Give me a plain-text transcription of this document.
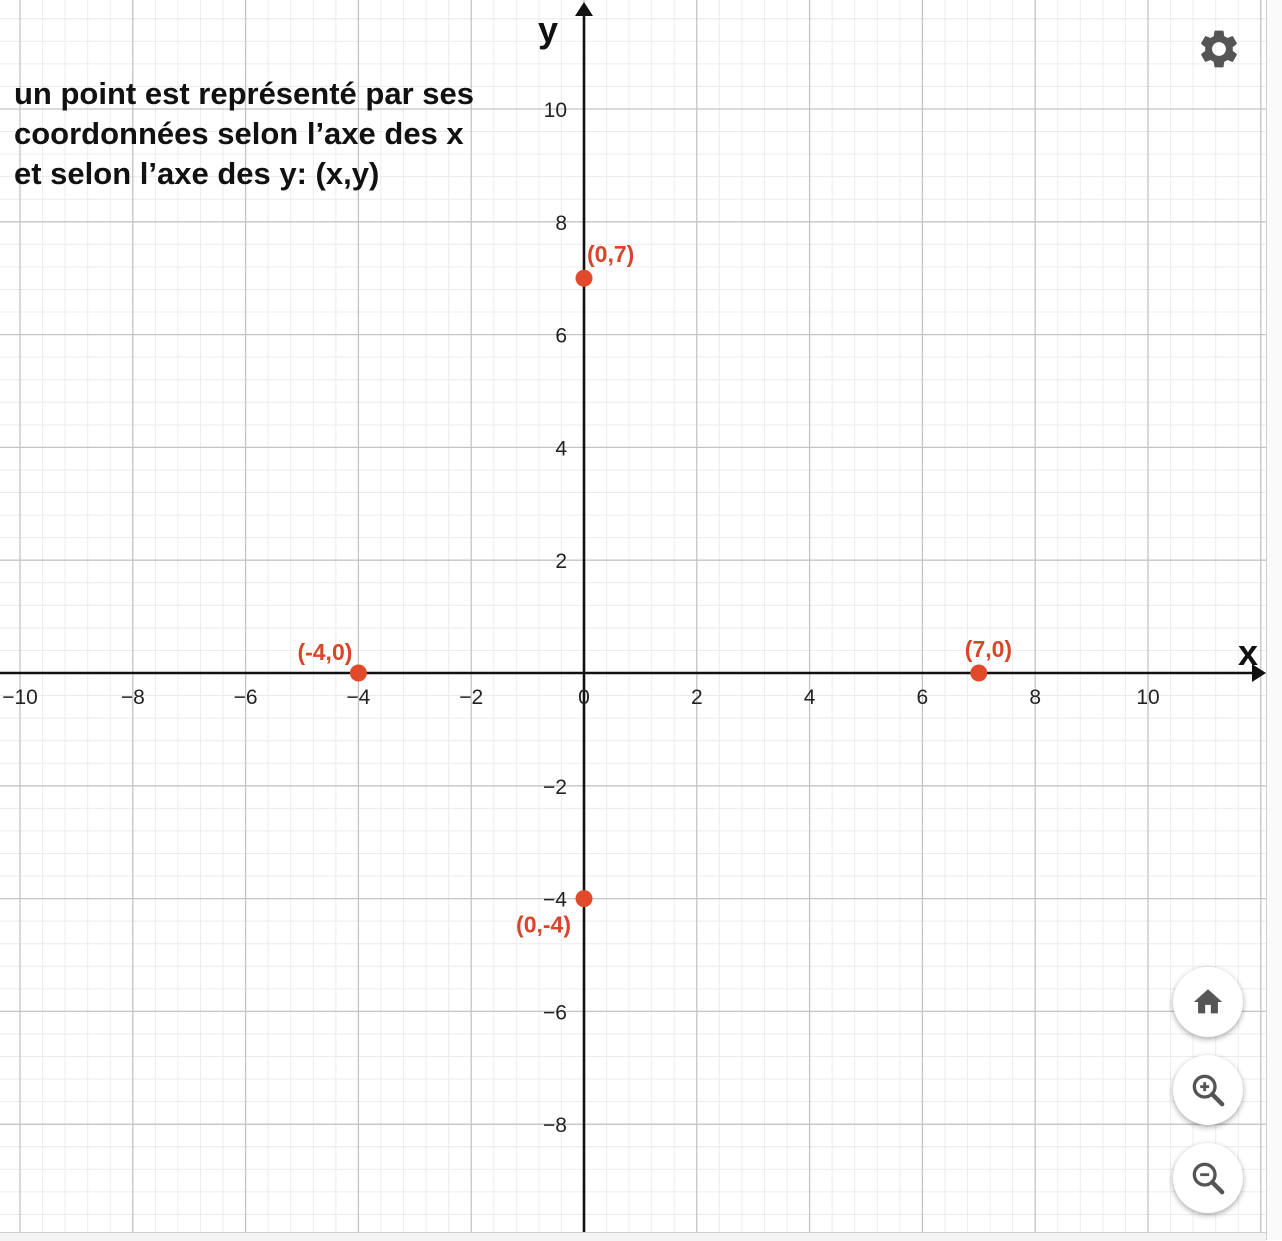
−10	−8	−6	−4	−2	0	2	4	6	8	10
−8
−6
−4
−2
2
4
6
8
10
(0,7)
(-4,0)	(7,0)
(0,-4)
x
y
un point est représenté par ses
coordonnées selon l’axe des x
et selon l’axe des y: (x,y)
